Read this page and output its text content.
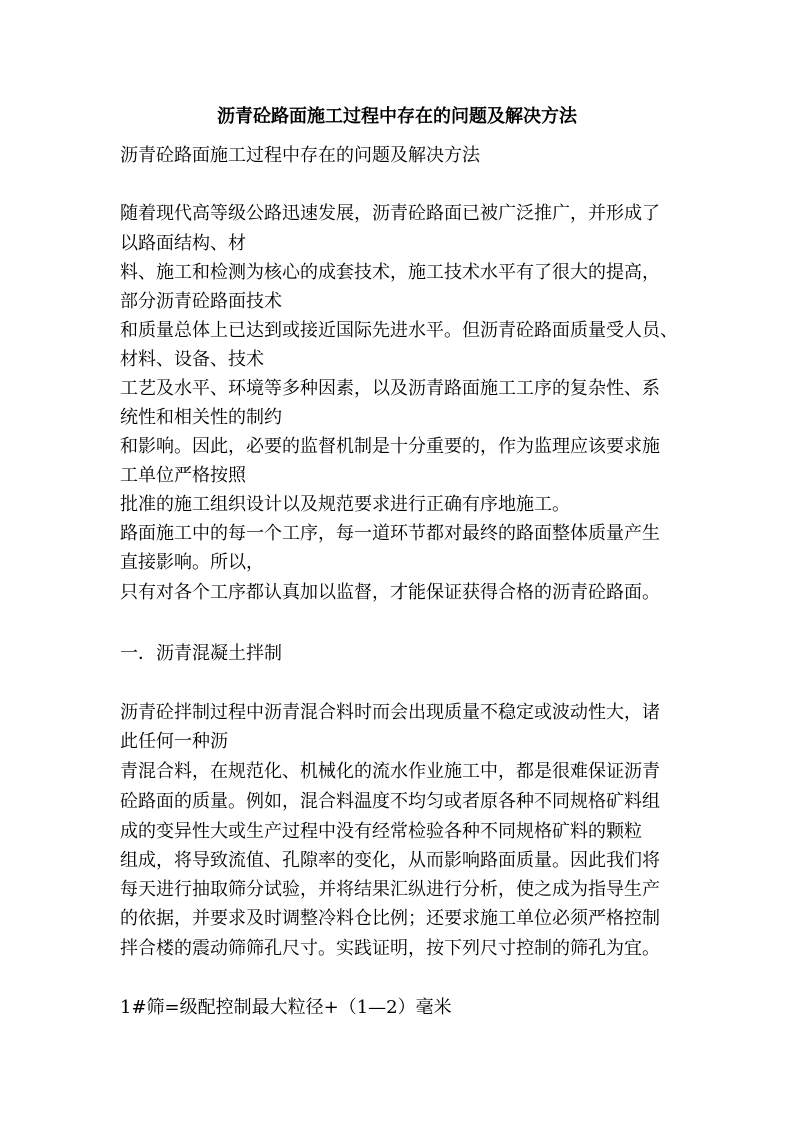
沥青砼路面施工过程中存在的问题及解决方法
沥青砼路面施工过程中存在的问题及解决方法
随着现代高等级公路迅速发展，沥青砼路面已被广泛推广，并形成了
以路面结构、材
料、施工和检测为核心的成套技术，施工技术水平有了很大的提高，
部分沥青砼路面技术
和质量总体上已达到或接近国际先进水平。但沥青砼路面质量受人员、
材料、设备、技术
工艺及水平、环境等多种因素，以及沥青路面施工工序的复杂性、系
统性和相关性的制约
和影响。因此，必要的监督机制是十分重要的，作为监理应该要求施
工单位严格按照
批准的施工组织设计以及规范要求进行正确有序地施工。
路面施工中的每一个工序，每一道环节都对最终的路面整体质量产生
直接影响。所以，
只有对各个工序都认真加以监督，才能保证获得合格的沥青砼路面。
一．沥青混凝土拌制
沥青砼拌制过程中沥青混合料时而会出现质量不稳定或波动性大，诸
此任何一种沥
青混合料，在规范化、机械化的流水作业施工中，都是很难保证沥青
砼路面的质量。例如，混合料温度不均匀或者原各种不同规格矿料组
成的变异性大或生产过程中没有经常检验各种不同规格矿料的颗粒
组成，将导致流值、孔隙率的变化，从而影响路面质量。因此我们将
每天进行抽取筛分试验，并将结果汇纵进行分析，使之成为指导生产
的依据，并要求及时调整冷料仓比例；还要求施工单位必须严格控制
拌合楼的震动筛筛孔尺寸。实践证明，按下列尺寸控制的筛孔为宜。
1#筛=级配控制最大粒径+（1—2）毫米
